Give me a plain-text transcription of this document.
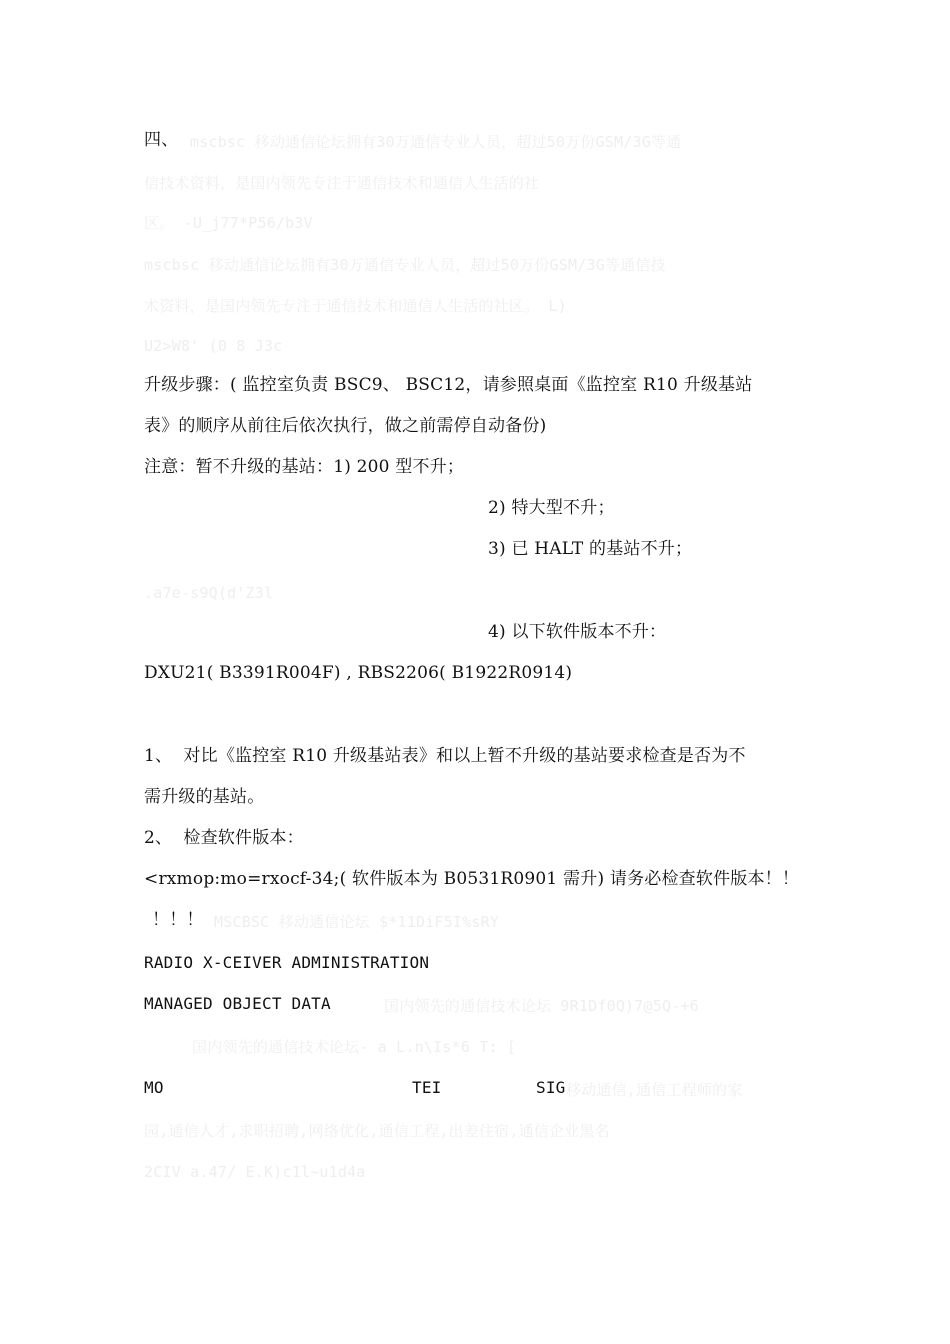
四、 mscbsc 移动通信论坛拥有30万通信专业人员，超过50万份GSM/3G等通
信技术资料，是国内领先专注于通信技术和通信人生活的社
区。 -U_j77*P56/b3V
mscbsc 移动通信论坛拥有30万通信专业人员，超过50万份GSM/3G等通信技
术资料，是国内领先专注于通信技术和通信人生活的社区。 L)
U2>W8' (0 8 J3c
升级步骤：( 监控室负责 BSC9、 BSC12，请参照桌面《监控室 R10 升级基站
表》的顺序从前往后依次执行，做之前需停自动备份)
注意：暂不升级的基站：1) 200 型不升；
2) 特大型不升；
3) 已 HALT 的基站不升；
.a7e-s9Q(d'Z3l
4) 以下软件版本不升：
DXU21( B3391R004F) , RBS2206( B1922R0914)
1、  对比《监控室 R10 升级基站表》和以上暂不升级的基站要求检查是否为不
需升级的基站。
2、  检查软件版本：
<rxmop:mo=rxocf-34;( 软件版本为 B0531R0901 需升) 请务必检查软件版本！！
！！！ MSCBSC 移动通信论坛 $*11DiF5I%sRY
RADIO X-CEIVER ADMINISTRATION
MANAGED OBJECT DATA	国内领先的通信技术论坛 9R1Df0Q)7@5Q-+6
国内领先的通信技术论坛- a L.n\Is*6 T: [
MO	TEI	SIG 移动通信,通信工程师的家
园,通信人才,求职招聘,网络优化,通信工程,出差住宿,通信企业黑名
2CIV a.47/ E.K)c1l~u1d4a
